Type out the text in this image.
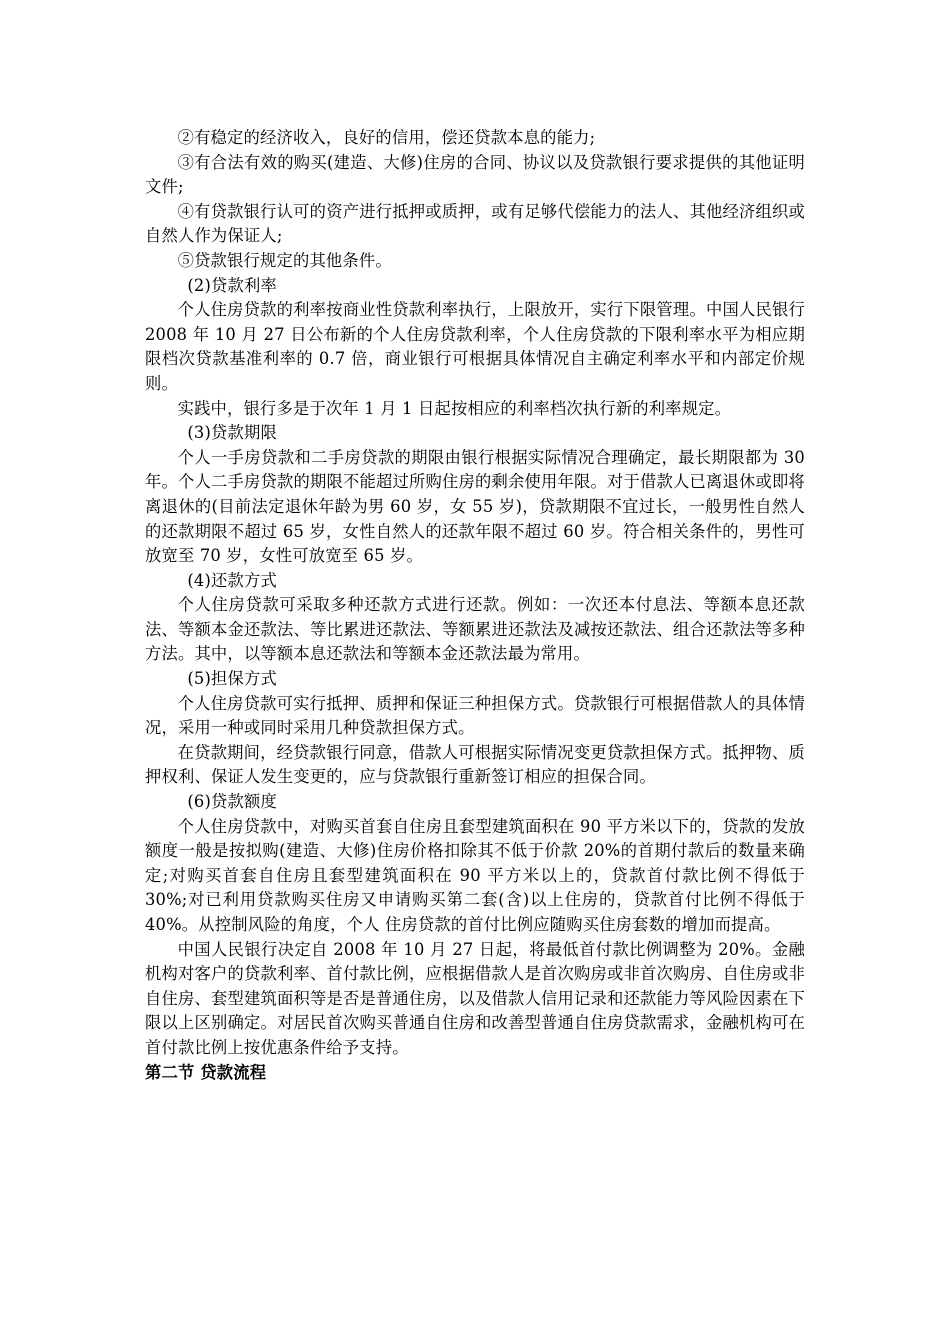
②有稳定的经济收入，良好的信用，偿还贷款本息的能力;

③有合法有效的购买(建造、大修)住房的合同、协议以及贷款银行要求提供的其他证明文件;

④有贷款银行认可的资产进行抵押或质押，或有足够代偿能力的法人、其他经济组织或自然人作为保证人;

⑤贷款银行规定的其他条件。

(2)贷款利率

个人住房贷款的利率按商业性贷款利率执行，上限放开，实行下限管理。中国人民银行 2008 年 10 月 27 日公布新的个人住房贷款利率，个人住房贷款的下限利率水平为相应期限档次贷款基准利率的 0.7 倍，商业银行可根据具体情况自主确定利率水平和内部定价规则。

实践中，银行多是于次年 1 月 1 日起按相应的利率档次执行新的利率规定。

(3)贷款期限

个人一手房贷款和二手房贷款的期限由银行根据实际情况合理确定，最长期限都为 30 年。个人二手房贷款的期限不能超过所购住房的剩余使用年限。对于借款人已离退休或即将离退休的(目前法定退休年龄为男 60 岁，女 55 岁)，贷款期限不宜过长，一般男性自然人的还款期限不超过 65 岁，女性自然人的还款年限不超过 60 岁。符合相关条件的，男性可放宽至 70 岁，女性可放宽至 65 岁。

(4)还款方式

个人住房贷款可采取多种还款方式进行还款。例如：一次还本付息法、等额本息还款法、等额本金还款法、等比累进还款法、等额累进还款法及减按还款法、组合还款法等多种方法。其中，以等额本息还款法和等额本金还款法最为常用。

(5)担保方式

个人住房贷款可实行抵押、质押和保证三种担保方式。贷款银行可根据借款人的具体情况，采用一种或同时采用几种贷款担保方式。

在贷款期间，经贷款银行同意，借款人可根据实际情况变更贷款担保方式。抵押物、质押权利、保证人发生变更的，应与贷款银行重新签订相应的担保合同。

(6)贷款额度

个人住房贷款中，对购买首套自住房且套型建筑面积在 90 平方米以下的，贷款的发放额度一般是按拟购(建造、大修)住房价格扣除其不低于价款 20%的首期付款后的数量来确定;对购买首套自住房且套型建筑面积在 90 平方米以上的，贷款首付款比例不得低于 30%;对已利用贷款购买住房又申请购买第二套(含)以上住房的，贷款首付比例不得低于 40%。从控制风险的角度，个人 住房贷款的首付比例应随购买住房套数的增加而提高。

中国人民银行决定自 2008 年 10 月 27 日起，将最低首付款比例调整为 20%。金融机构对客户的贷款利率、首付款比例，应根据借款人是首次购房或非首次购房、自住房或非自住房、套型建筑面积等是否是普通住房，以及借款人信用记录和还款能力等风险因素在下限以上区别确定。对居民首次购买普通自住房和改善型普通自住房贷款需求，金融机构可在首付款比例上按优惠条件给予支持。

第二节 贷款流程
